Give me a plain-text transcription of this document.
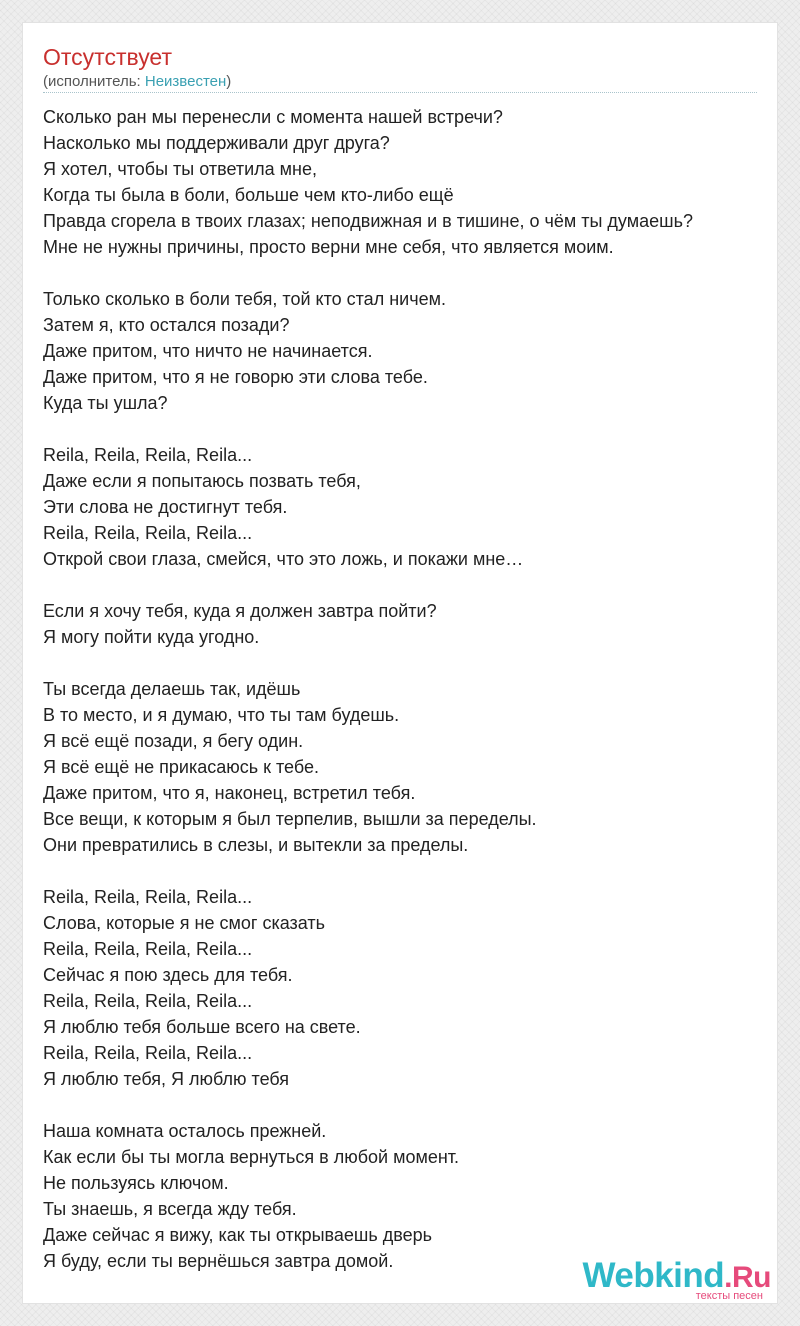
Отсутствует
(исполнитель: Неизвестен)
Сколько ран мы перенесли с момента нашей встречи?
Насколько мы поддерживали друг друга?
Я хотел, чтобы ты ответила мне,
Когда ты была в боли, больше чем кто-либо ещё
Правда сгорела в твоих глазах; неподвижная и в тишине, о чём ты думаешь?
Мне не нужны причины, просто верни мне себя, что является моим.
Только сколько в боли тебя, той кто стал ничем.
Затем я, кто остался позади?
Даже притом, что ничто не начинается.
Даже притом, что я не говорю эти слова тебе.
Куда ты ушла?
Reila, Reila, Reila, Reila...
Даже если я попытаюсь позвать тебя,
Эти слова не достигнут тебя.
Reila, Reila, Reila, Reila...
Открой свои глаза, смейся, что это ложь, и покажи мне…
Если я хочу тебя, куда я должен завтра пойти?
Я могу пойти куда угодно.
Ты всегда делаешь так, идёшь
В то место, и я думаю, что ты там будешь.
Я всё ещё позади, я бегу один.
Я всё ещё не прикасаюсь к тебе.
Даже притом, что я, наконец, встретил тебя.
Все вещи, к которым я был терпелив, вышли за переделы.
Они превратились в слезы, и вытекли за пределы.
Reila, Reila, Reila, Reila...
Слова, которые я не смог сказать
Reila, Reila, Reila, Reila...
Сейчас я пою здесь для тебя.
Reila, Reila, Reila, Reila...
Я люблю тебя больше всего на свете.
Reila, Reila, Reila, Reila...
Я люблю тебя, Я люблю тебя
Наша комната осталось прежней.
Как если бы ты могла вернуться в любой момент.
Не пользуясь ключом.
Ты знаешь, я всегда жду тебя.
Даже сейчас я вижу, как ты открываешь дверь
Я буду, если ты вернёшься завтра домой.	Webkind.Ru
тексты песен
